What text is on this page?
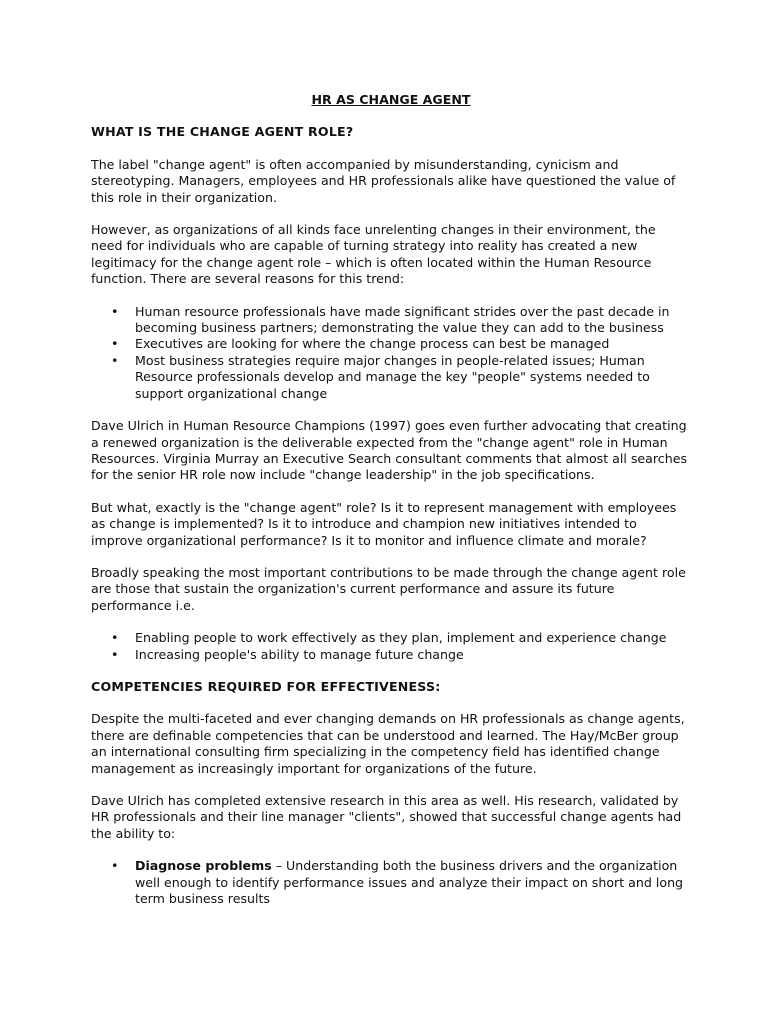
HR AS CHANGE AGENT
WHAT IS THE CHANGE AGENT ROLE?

The label "change agent" is often accompanied by misunderstanding, cynicism and stereotyping. Managers, employees and HR professionals alike have questioned the value of this role in their organization.

However, as organizations of all kinds face unrelenting changes in their environment, the need for individuals who are capable of turning strategy into reality has created a new legitimacy for the change agent role – which is often located within the Human Resource function. There are several reasons for this trend:

• Human resource professionals have made significant strides over the past decade in becoming business partners; demonstrating the value they can add to the business
• Executives are looking for where the change process can best be managed
• Most business strategies require major changes in people-related issues; Human Resource professionals develop and manage the key "people" systems needed to support organizational change

Dave Ulrich in Human Resource Champions (1997) goes even further advocating that creating a renewed organization is the deliverable expected from the "change agent" role in Human Resources. Virginia Murray an Executive Search consultant comments that almost all searches for the senior HR role now include "change leadership" in the job specifications.

But what, exactly is the "change agent" role? Is it to represent management with employees as change is implemented? Is it to introduce and champion new initiatives intended to improve organizational performance? Is it to monitor and influence climate and morale?

Broadly speaking the most important contributions to be made through the change agent role are those that sustain the organization's current performance and assure its future performance i.e.

• Enabling people to work effectively as they plan, implement and experience change
• Increasing people's ability to manage future change
COMPETENCIES REQUIRED FOR EFFECTIVENESS:

Despite the multi-faceted and ever changing demands on HR professionals as change agents, there are definable competencies that can be understood and learned. The Hay/McBer group an international consulting firm specializing in the competency field has identified change management as increasingly important for organizations of the future.

Dave Ulrich has completed extensive research in this area as well. His research, validated by HR professionals and their line manager "clients", showed that successful change agents had the ability to:

• Diagnose problems – Understanding both the business drivers and the organization well enough to identify performance issues and analyze their impact on short and long term business results
